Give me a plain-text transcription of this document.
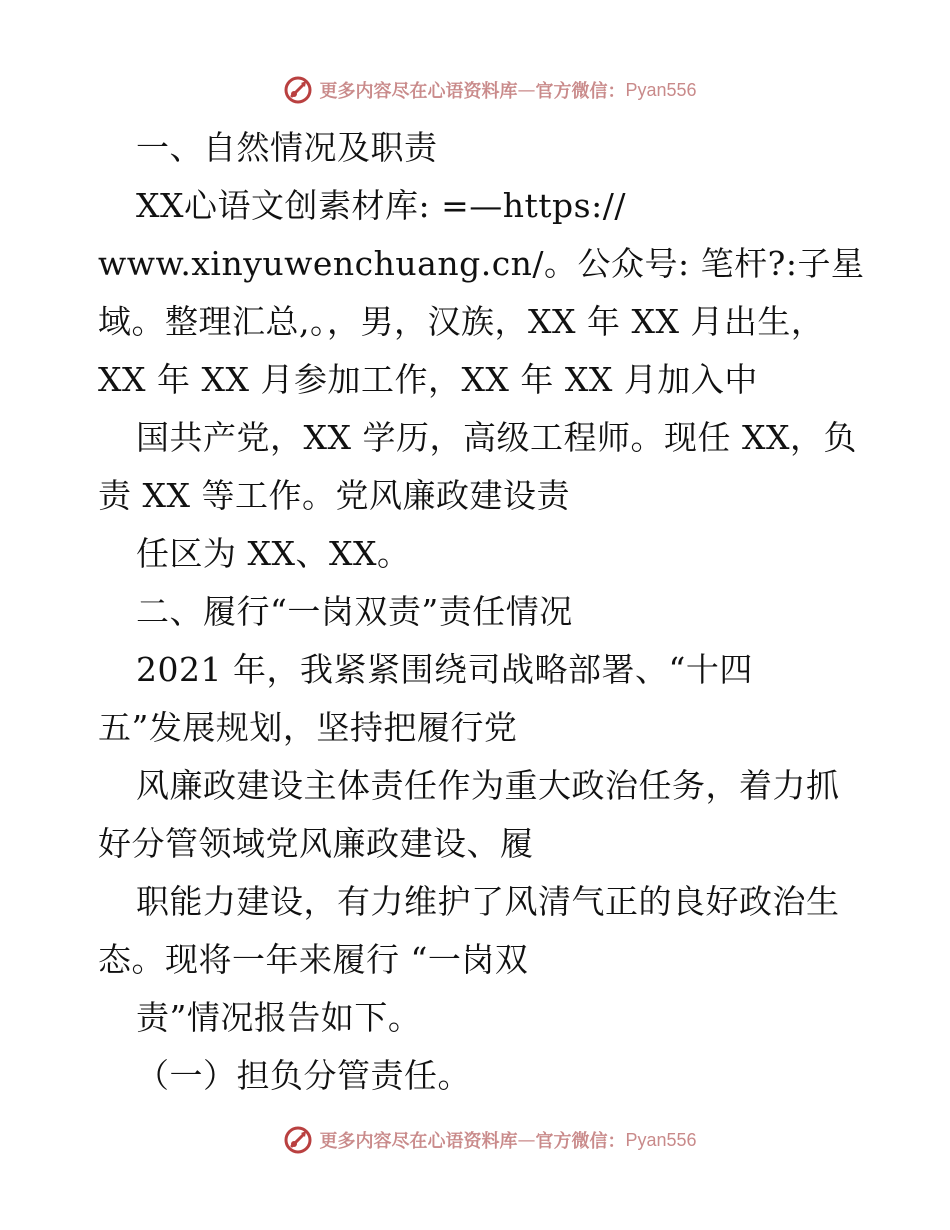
更多内容尽在心语资料库 — 官方微信： Pyan556
一、自然情况及职责
XX心语文创素材库: =—https://
www.xinyuwenchuang.cn/。公众号: 笔杆?:子星
域。整理汇总,。，男，汉族，XX 年 XX 月出生，
XX 年 XX 月参加工作，XX 年 XX 月加入中
国共产党，XX 学历，高级工程师。现任 XX，负
责 XX 等工作。党风廉政建设责
任区为 XX、XX。
二、履行“一岗双责”责任情况
2021 年，我紧紧围绕司战略部署、“十四
五”发展规划，坚持把履行党
风廉政建设主体责任作为重大政治任务，着力抓
好分管领域党风廉政建设、履
职能力建设，有力维护了风清气正的良好政治生
态。现将一年来履行 “一岗双
责”情况报告如下。
（一）担负分管责任。
更多内容尽在心语资料库 — 官方微信： Pyan556
